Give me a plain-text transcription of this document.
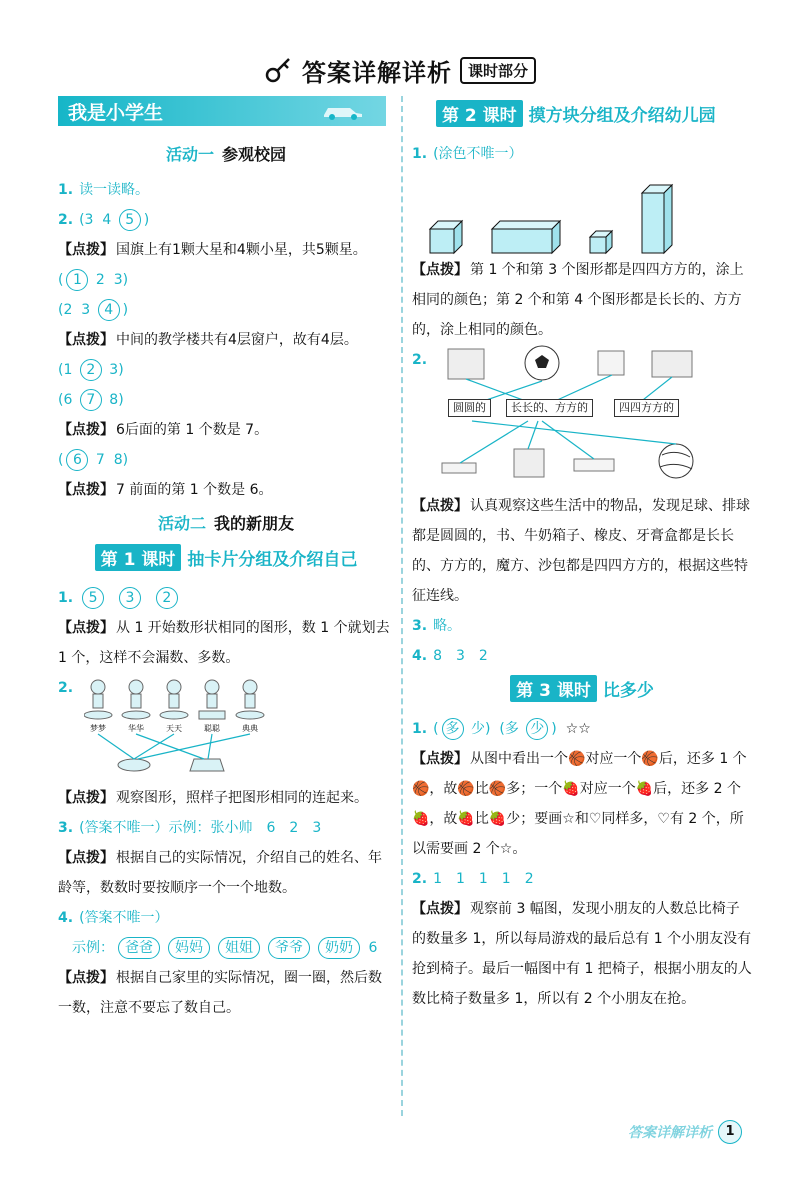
答案详解详析	课时部分
我是小学生
活动一 参观校园
1. 读一读略。
2. (3 4 5 )
【点拨】 国旗上有1颗大星和4颗小星，共5颗星。
( 1 2 3)
(2 3 4 )
【点拨】 中间的教学楼共有4层窗户，故有4层。
(1 2 3)
(6 7 8)
【点拨】 6后面的第 1 个数是 7。
( 6 7 8)
【点拨】 7 前面的第 1 个数是 6。
活动二 我的新朋友
第 1 课时 抽卡片分组及介绍自己
1. 5 3 2
【点拨】 从 1 开始数形状相同的图形，数 1 个就划去 1 个，这样不会漏数、多数。
2.
梦梦	华华	天天	聪聪	典典
【点拨】 观察图形，照样子把图形相同的连起来。
3. (答案不唯一）示例：张小帅　6　2　3
【点拨】 根据自己的实际情况，介绍自己的姓名、年龄等，数数时要按顺序一个一个地数。
4. (答案不唯一）
示例： 爸爸 妈妈 姐姐 爷爷 奶奶 6
【点拨】 根据自己家里的实际情况，圈一圈，然后数一数，注意不要忘了数自己。
第 2 课时 摸方块分组及介绍幼儿园
1. (涂色不唯一）
【点拨】 第 1 个和第 3 个图形都是四四方方的，涂上相同的颜色；第 2 个和第 4 个图形都是长长的、方方的，涂上相同的颜色。
2.
圆圆的	长长的、方方的	四四方方的
【点拨】 认真观察这些生活中的物品，发现足球、排球都是圆圆的，书、牛奶箱子、橡皮、牙膏盒都是长长的、方方的，魔方、沙包都是四四方方的，根据这些特征连线。
3. 略。
4. 8　3　2
第 3 课时 比多少
1. ( 多 少) (多 少 ) ☆☆
【点拨】 从图中看出一个🏀对应一个🏀后，还多 1 个🏀，故🏀比🏀多；一个🍓对应一个🍓后，还多 2 个🍓，故🍓比🍓少；要画☆和♡同样多，♡有 2 个，所以需要画 2 个☆。
2. 1　1　1　1　2
【点拨】 观察前 3 幅图，发现小朋友的人数总比椅子的数量多 1，所以每局游戏的最后总有 1 个小朋友没有抢到椅子。最后一幅图中有 1 把椅子，根据小朋友的人数比椅子数量多 1，所以有 2 个小朋友在抢。
答案详解详析	1
